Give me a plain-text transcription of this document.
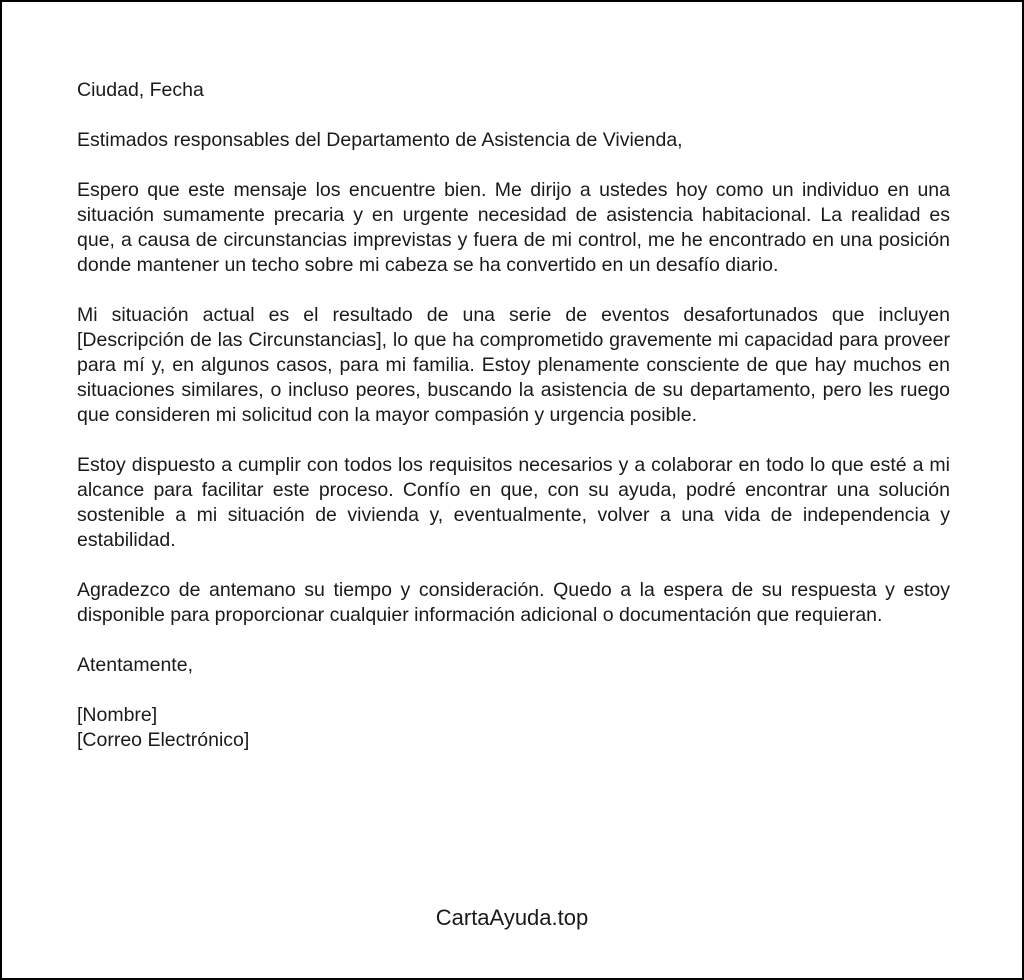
Ciudad, Fecha

Estimados responsables del Departamento de Asistencia de Vivienda,

Espero que este mensaje los encuentre bien. Me dirijo a ustedes hoy como un individuo en una situación sumamente precaria y en urgente necesidad de asistencia habitacional. La realidad es que, a causa de circunstancias imprevistas y fuera de mi control, me he encontrado en una posición donde mantener un techo sobre mi cabeza se ha convertido en un desafío diario.

Mi situación actual es el resultado de una serie de eventos desafortunados que incluyen [Descripción de las Circunstancias], lo que ha comprometido gravemente mi capacidad para proveer para mí y, en algunos casos, para mi familia. Estoy plenamente consciente de que hay muchos en situaciones similares, o incluso peores, buscando la asistencia de su departamento, pero les ruego que consideren mi solicitud con la mayor compasión y urgencia posible.

Estoy dispuesto a cumplir con todos los requisitos necesarios y a colaborar en todo lo que esté a mi alcance para facilitar este proceso. Confío en que, con su ayuda, podré encontrar una solución sostenible a mi situación de vivienda y, eventualmente, volver a una vida de independencia y estabilidad.

Agradezco de antemano su tiempo y consideración. Quedo a la espera de su respuesta y estoy disponible para proporcionar cualquier información adicional o documentación que requieran.

Atentamente,

[Nombre]
[Correo Electrónico]
CartaAyuda.top
